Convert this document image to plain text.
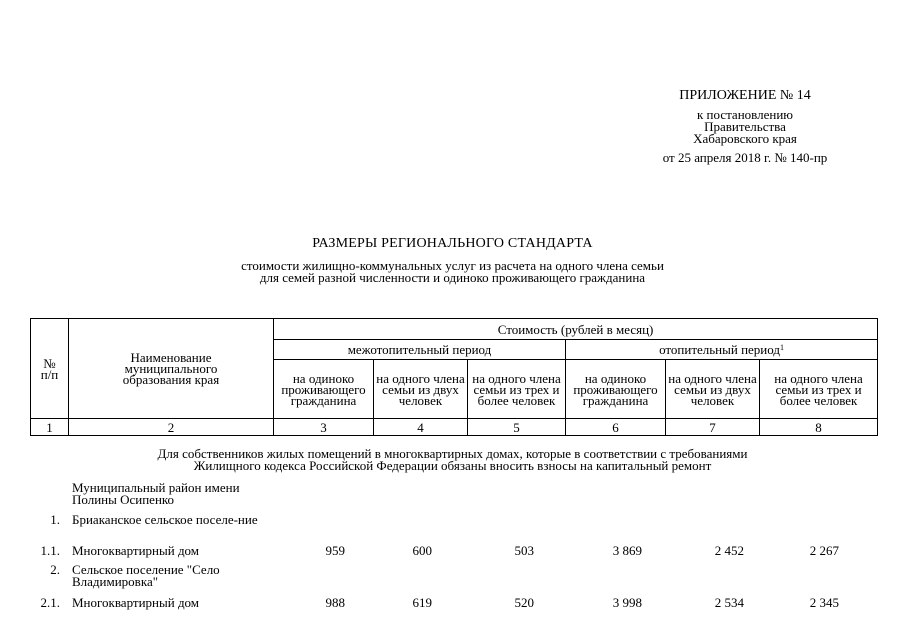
ПРИЛОЖЕНИЕ № 14
к постановлению
Правительства
Хабаровского края
от 25 апреля 2018 г. № 140-пр
РАЗМЕРЫ РЕГИОНАЛЬНОГО СТАНДАРТА
стоимости жилищно-коммунальных услуг из расчета на одного члена семьи
для семей разной численности и одиноко проживающего гражданина
№ п/п	Наименование муниципального образования края	Стоимость (рублей в месяц)					
		межотопительный период			отопительный период$^1$
		на одиноко проживающего гражданина	на одного члена семьи из двух человек	на одного члена семьи из трех и более человек	на одиноко проживающего гражданина	на одного члена семьи из двух человек	на одного члена семьи из трех и более человек
1	2	3	4	5	6	7	8
Для собственников жилых помещений в многоквартирных домах, которые в соответствии с требованиями
Жилищного кодекса Российской Федерации обязаны вносить взносы на капитальный ремонт
Муниципальный район имени Полины Осипенко
1. Бриаканское сельское поселе-ние
1.1. Многоквартирный дом	959	600	503	3 869	2 452	2 267
2. Сельское поселение "Село Владимировка"
2.1. Многоквартирный дом	988	619	520	3 998	2 534	2 345
